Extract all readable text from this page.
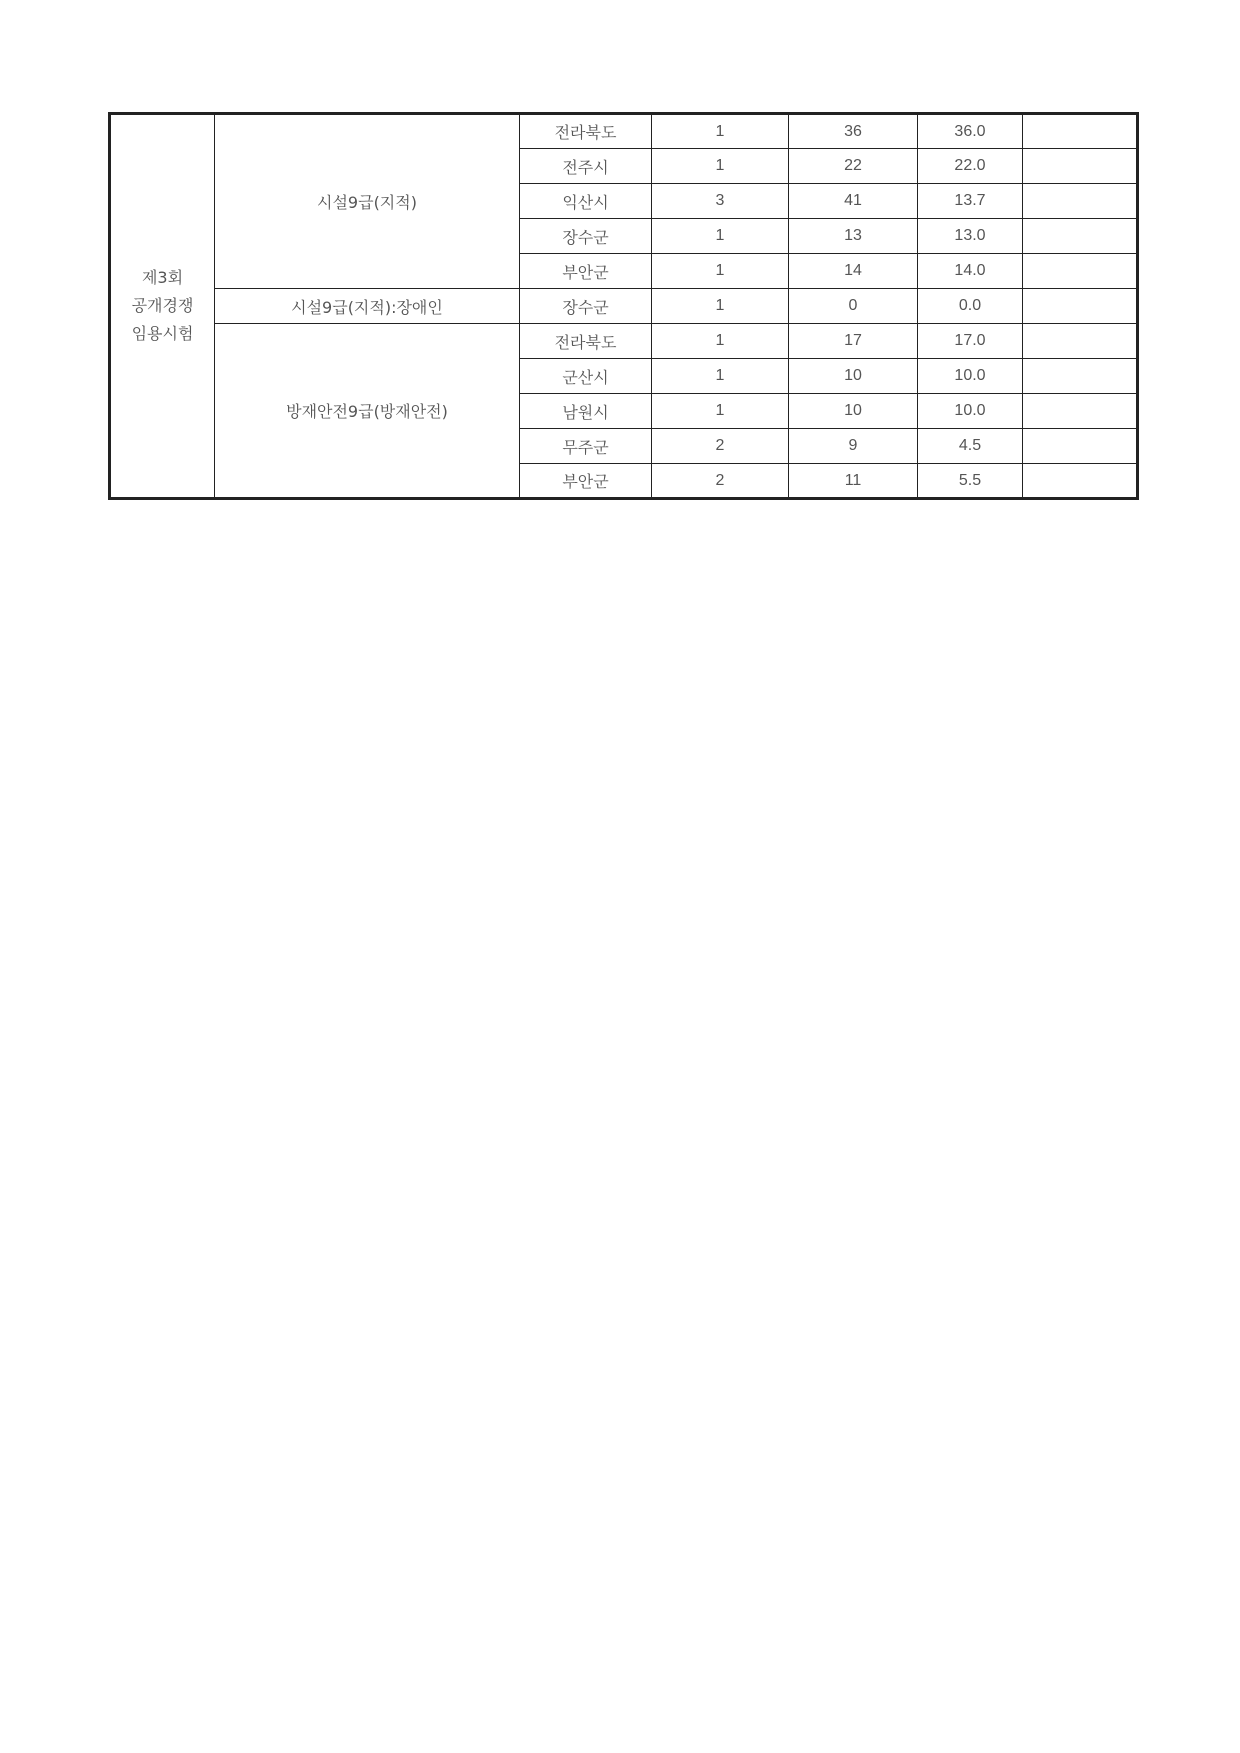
제3회
공개경쟁
임용시험	시설9급(지적)	전라북도	1	36	36.0	
		전주시	1	22	22.0	
		익산시	3	41	13.7	
		장수군	1	13	13.0	
		부안군	1	14	14.0	
	시설9급(지적):장애인	장수군	1	0	0.0	
	방재안전9급(방재안전)	전라북도	1	17	17.0	
		군산시	1	10	10.0	
		남원시	1	10	10.0	
		무주군	2	9	4.5	
		부안군	2	11	5.5	
